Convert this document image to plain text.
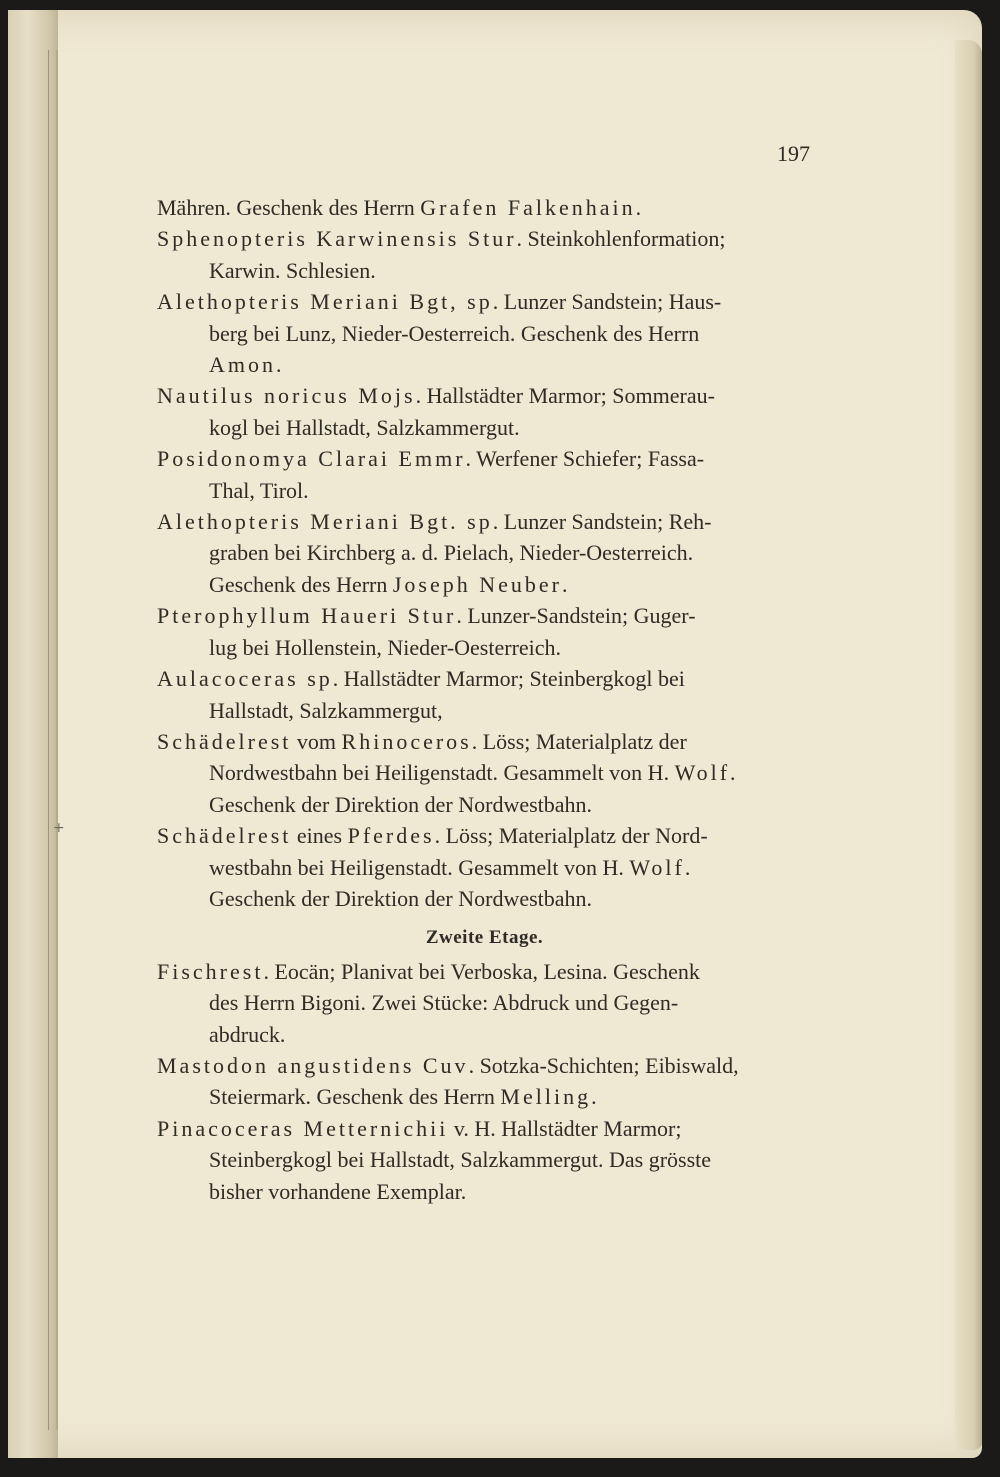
+
197
Mähren. Geschenk des Herrn Grafen Falkenhain.
Sphenopteris Karwinensis Stur. Steinkohlenformation;
Karwin. Schlesien.
Alethopteris Meriani Bgt, sp. Lunzer Sandstein; Haus-
berg bei Lunz, Nieder-Oesterreich. Geschenk des Herrn
Amon.
Nautilus noricus Mojs. Hallstädter Marmor; Sommerau-
kogl bei Hallstadt, Salzkammergut.
Posidonomya Clarai Emmr. Werfener Schiefer; Fassa-
Thal, Tirol.
Alethopteris Meriani Bgt. sp. Lunzer Sandstein; Reh-
graben bei Kirchberg a. d. Pielach, Nieder-Oesterreich.
Geschenk des Herrn Joseph Neuber.
Pterophyllum Haueri Stur. Lunzer-Sandstein; Guger-
lug bei Hollenstein, Nieder-Oesterreich.
Aulacoceras sp. Hallstädter Marmor; Steinbergkogl bei
Hallstadt, Salzkammergut,
Schädelrest vom Rhinoceros. Löss; Materialplatz der
Nordwestbahn bei Heiligenstadt. Gesammelt von H. Wolf.
Geschenk der Direktion der Nordwestbahn.
Schädelrest eines Pferdes. Löss; Materialplatz der Nord-
westbahn bei Heiligenstadt. Gesammelt von H. Wolf.
Geschenk der Direktion der Nordwestbahn.
Zweite Etage.
Fischrest. Eocän; Planivat bei Verboska, Lesina. Geschenk
des Herrn Bigoni. Zwei Stücke: Abdruck und Gegen-
abdruck.
Mastodon angustidens Cuv. Sotzka-Schichten; Eibiswald,
Steiermark. Geschenk des Herrn Melling.
Pinacoceras Metternichii v. H. Hallstädter Marmor;
Steinbergkogl bei Hallstadt, Salzkammergut. Das grösste
bisher vorhandene Exemplar.
